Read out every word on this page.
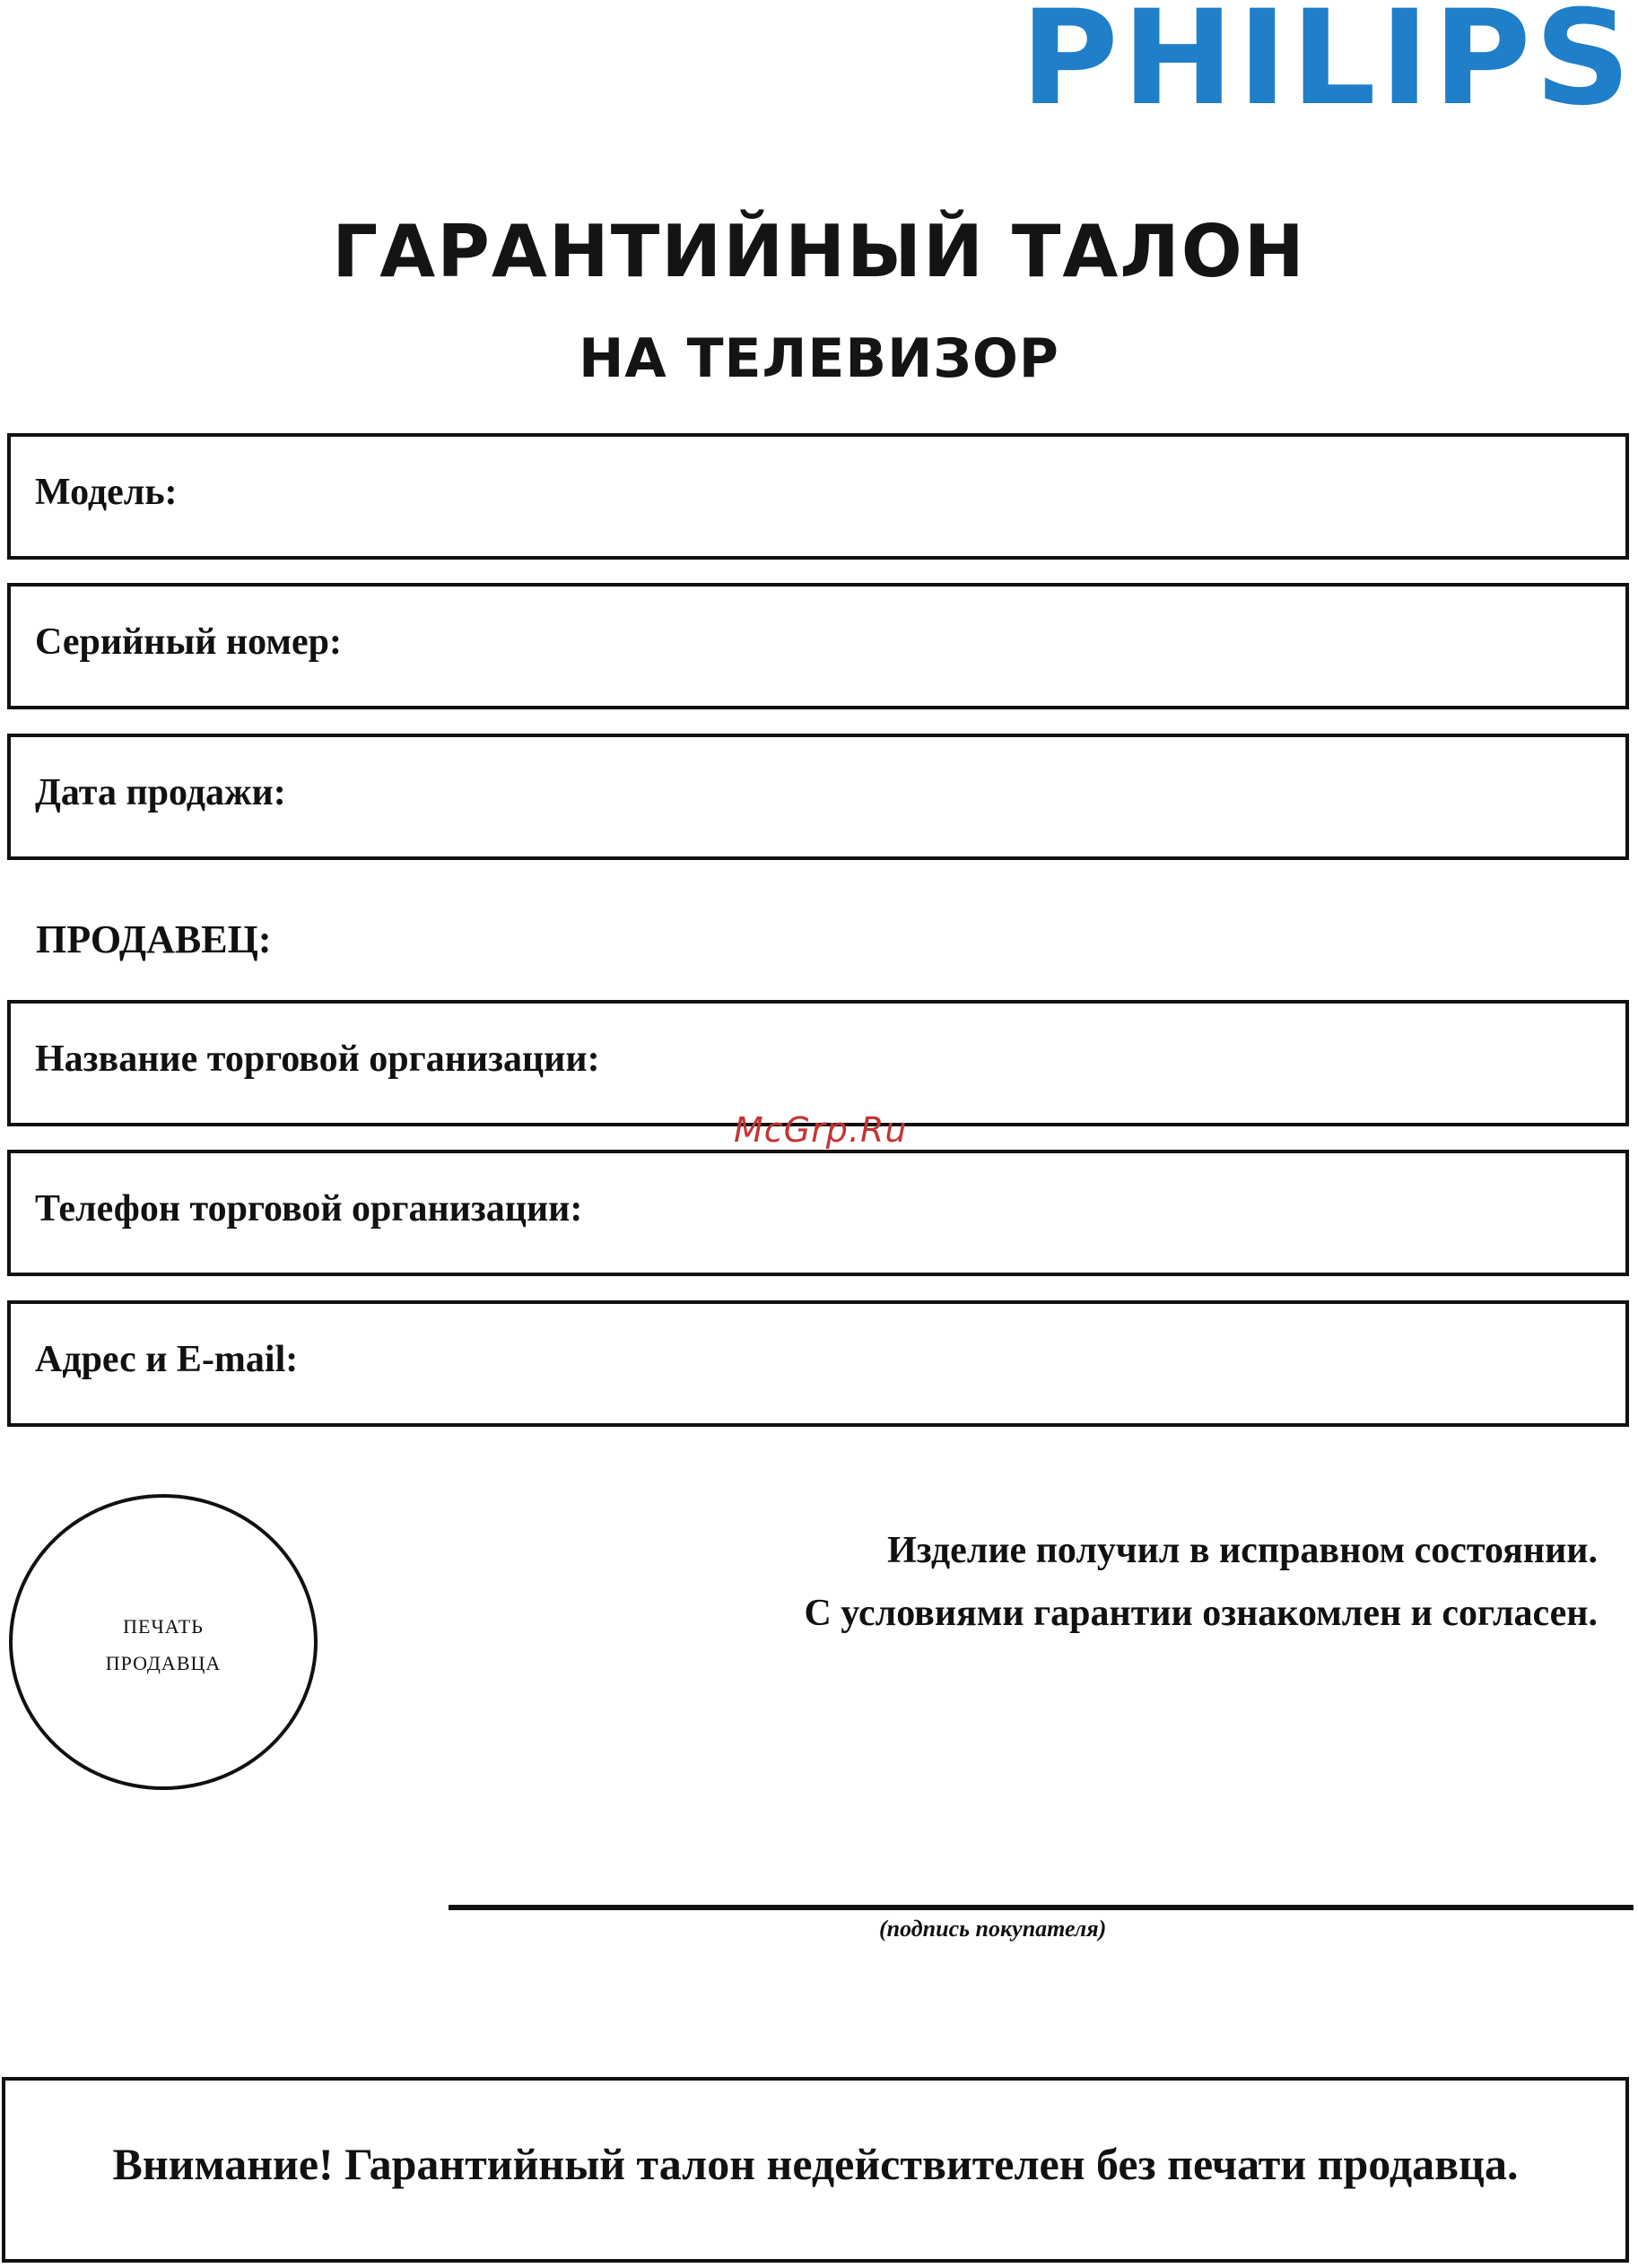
PHILIPS
ГАРАНТИЙНЫЙ ТАЛОН
НА ТЕЛЕВИЗОР
Модель:
Серийный номер:
Дата продажи:
ПРОДАВЕЦ:
Название торговой организации:
Телефон торговой организации:
Адрес и E-mail:
McGrp.Ru
ПЕЧАТЬ
ПРОДАВЦА
Изделие получил в исправном состоянии.
С условиями гарантии ознакомлен и согласен.
(подпись покупателя)
Внимание! Гарантийный талон недействителен без печати продавца.
